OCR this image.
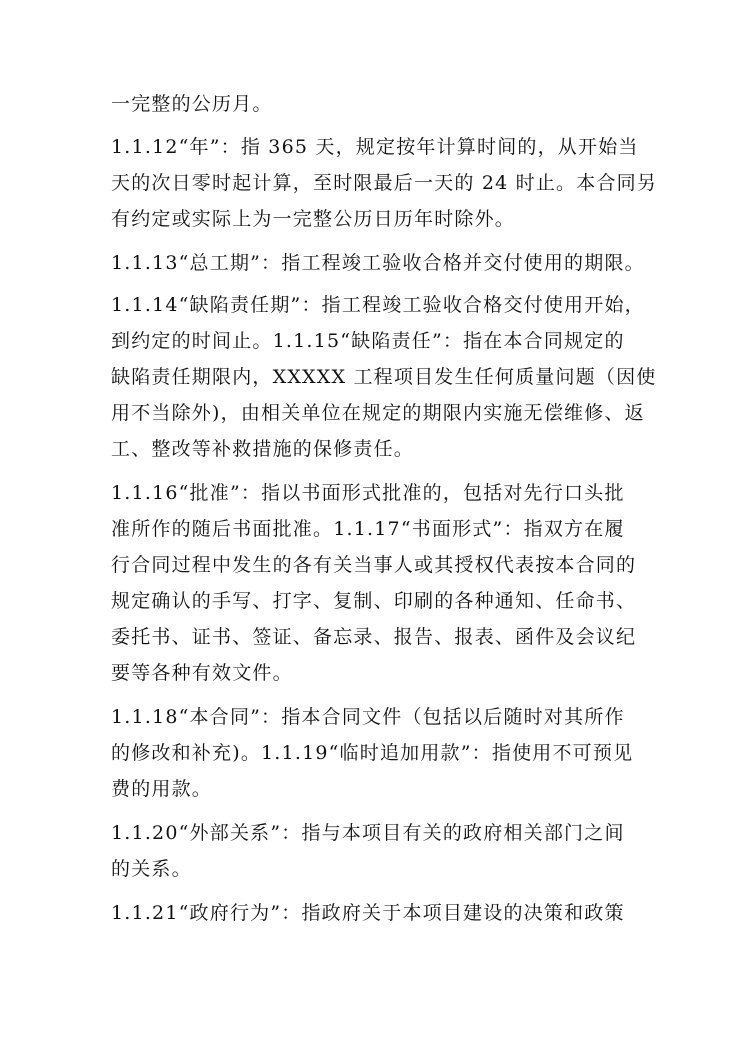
一完整的公历月。
1.1.12“年”：指 365 天，规定按年计算时间的，从开始当
天的次日零时起计算，至时限最后一天的 24 时止。本合同另
有约定或实际上为一完整公历日历年时除外。
1.1.13“总工期”：指工程竣工验收合格并交付使用的期限。
1.1.14“缺陷责任期”：指工程竣工验收合格交付使用开始，
到约定的时间止。1.1.15“缺陷责任”：指在本合同规定的
缺陷责任期限内，XXXXX 工程项目发生任何质量问题（因使
用不当除外)，由相关单位在规定的期限内实施无偿维修、返
工、整改等补救措施的保修责任。
1.1.16“批准”：指以书面形式批准的，包括对先行口头批
准所作的随后书面批准。1.1.17“书面形式”：指双方在履
行合同过程中发生的各有关当事人或其授权代表按本合同的
规定确认的手写、打字、复制、印刷的各种通知、任命书、
委托书、证书、签证、备忘录、报告、报表、函件及会议纪
要等各种有效文件。
1.1.18“本合同”：指本合同文件（包括以后随时对其所作
的修改和补充)。1.1.19“临时追加用款”：指使用不可预见
费的用款。
1.1.20“外部关系”：指与本项目有关的政府相关部门之间
的关系。
1.1.21“政府行为”：指政府关于本项目建设的决策和政策
